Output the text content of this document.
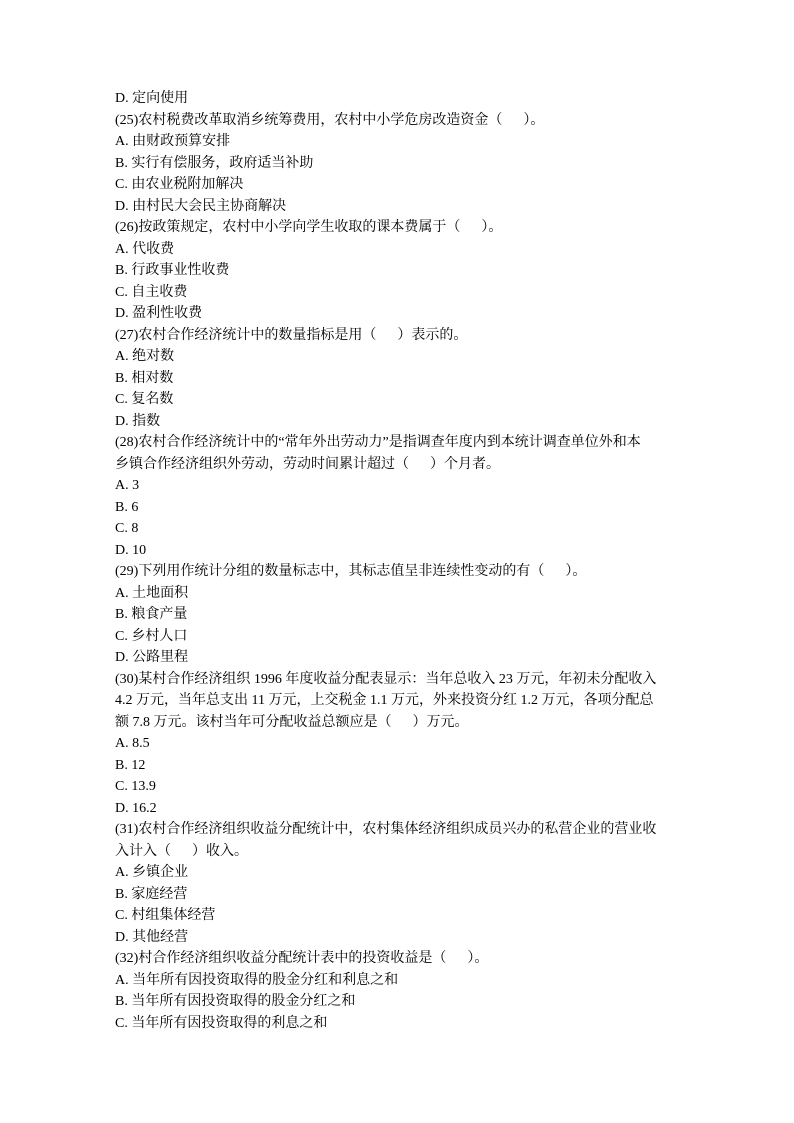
D. 定向使用
(25)农村税费改革取消乡统筹费用，农村中小学危房改造资金（      ）。
A. 由财政预算安排
B. 实行有偿服务，政府适当补助
C. 由农业税附加解决
D. 由村民大会民主协商解决
(26)按政策规定，农村中小学向学生收取的课本费属于（      ）。
A. 代收费
B. 行政事业性收费
C. 自主收费
D. 盈利性收费
(27)农村合作经济统计中的数量指标是用（      ）表示的。
A. 绝对数
B. 相对数
C. 复名数
D. 指数
(28)农村合作经济统计中的“常年外出劳动力”是指调查年度内到本统计调查单位外和本
乡镇合作经济组织外劳动，劳动时间累计超过（      ）个月者。
A. 3
B. 6
C. 8
D. 10
(29)下列用作统计分组的数量标志中，其标志值呈非连续性变动的有（      ）。
A. 土地面积
B. 粮食产量
C. 乡村人口
D. 公路里程
(30)某村合作经济组织 1996 年度收益分配表显示：当年总收入 23 万元，年初未分配收入
4.2 万元，当年总支出 11 万元，上交税金 1.1 万元，外来投资分红 1.2 万元，各项分配总
额 7.8 万元。该村当年可分配收益总额应是（      ）万元。
A. 8.5
B. 12
C. 13.9
D. 16.2
(31)农村合作经济组织收益分配统计中，农村集体经济组织成员兴办的私营企业的营业收
入计入（      ）收入。
A. 乡镇企业
B. 家庭经营
C. 村组集体经营
D. 其他经营
(32)村合作经济组织收益分配统计表中的投资收益是（      ）。
A. 当年所有因投资取得的股金分红和利息之和
B. 当年所有因投资取得的股金分红之和
C. 当年所有因投资取得的利息之和
